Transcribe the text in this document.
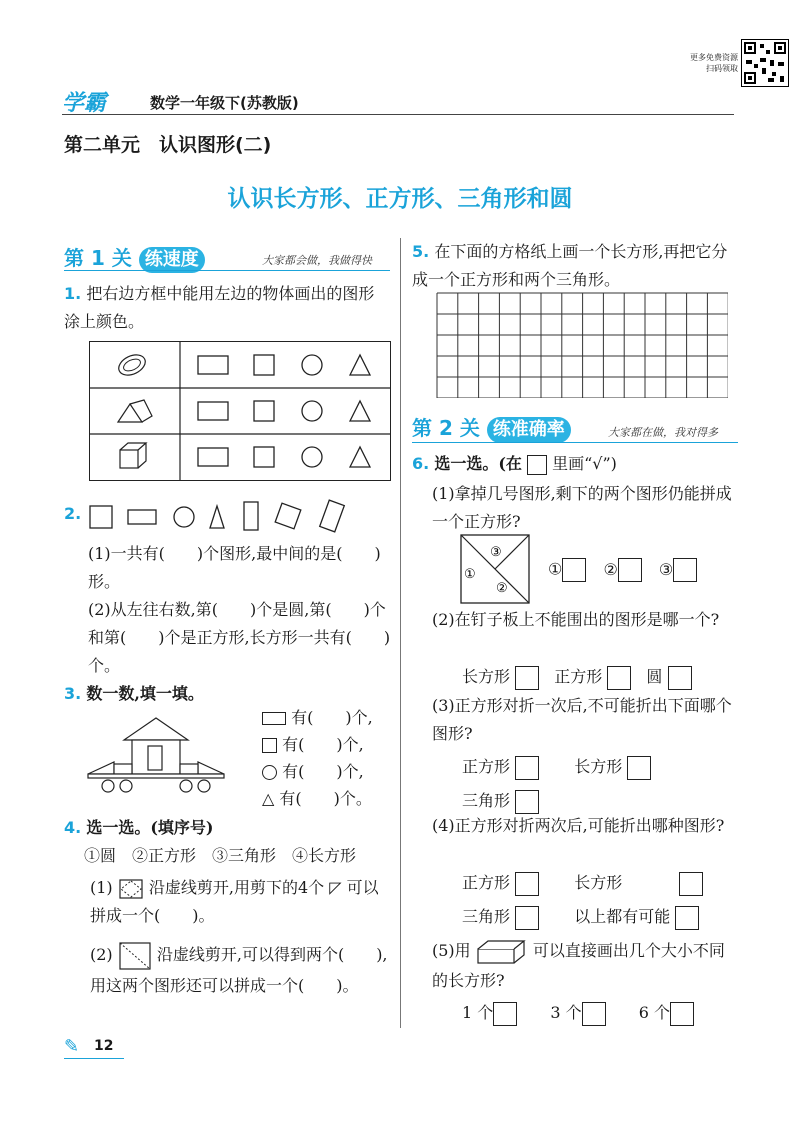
学霸	数学一年级下(苏教版)
更多免费资源
扫码领取
第二单元　认识图形(二)
认识长方形、正方形、三角形和圆
第 1 关 练速度	大家都会做，我做得快
1. 把右边方框中能用左边的物体画出的图形涂上颜色。
2.
(1)一共有(　　)个图形,最中间的是(　　)形。
(2)从左往右数,第(　　)个是圆,第(　　)个和第(　　)个是正方形,长方形一共有(　　)个。
3. 数一数,填一填。
有(　　)个,
有(　　)个,
有(　　)个,
△ 有(　　)个。
4. 选一选。(填序号)
①圆　②正方形　③三角形　④长方形
(1) 沿虚线剪开,用剪下的4个 ◸ 可以拼成一个(　　)。
(2)	沿虚线剪开,可以得到两个(　　),用这两个图形还可以拼成一个(　　)。
✎ 12
5. 在下面的方格纸上画一个长方形,再把它分成一个正方形和两个三角形。
第 2 关 练准确率	大家都在做，我对得多
6. 选一选。(在 里画“√”)
(1)拿掉几号图形,剩下的两个图形仍能拼成一个正方形?
③
①
②
①	②	③
(2)在钉子板上不能围出的图形是哪一个?
长方形	正方形	圆
(3)正方形对折一次后,不可能折出下面哪个图形?
正方形	长方形
三角形
(4)正方形对折两次后,可能折出哪种图形?
正方形	长方形
三角形	以上都有可能
(5)用	可以直接画出几个大小不同的长方形?
1 个	3 个	6 个
